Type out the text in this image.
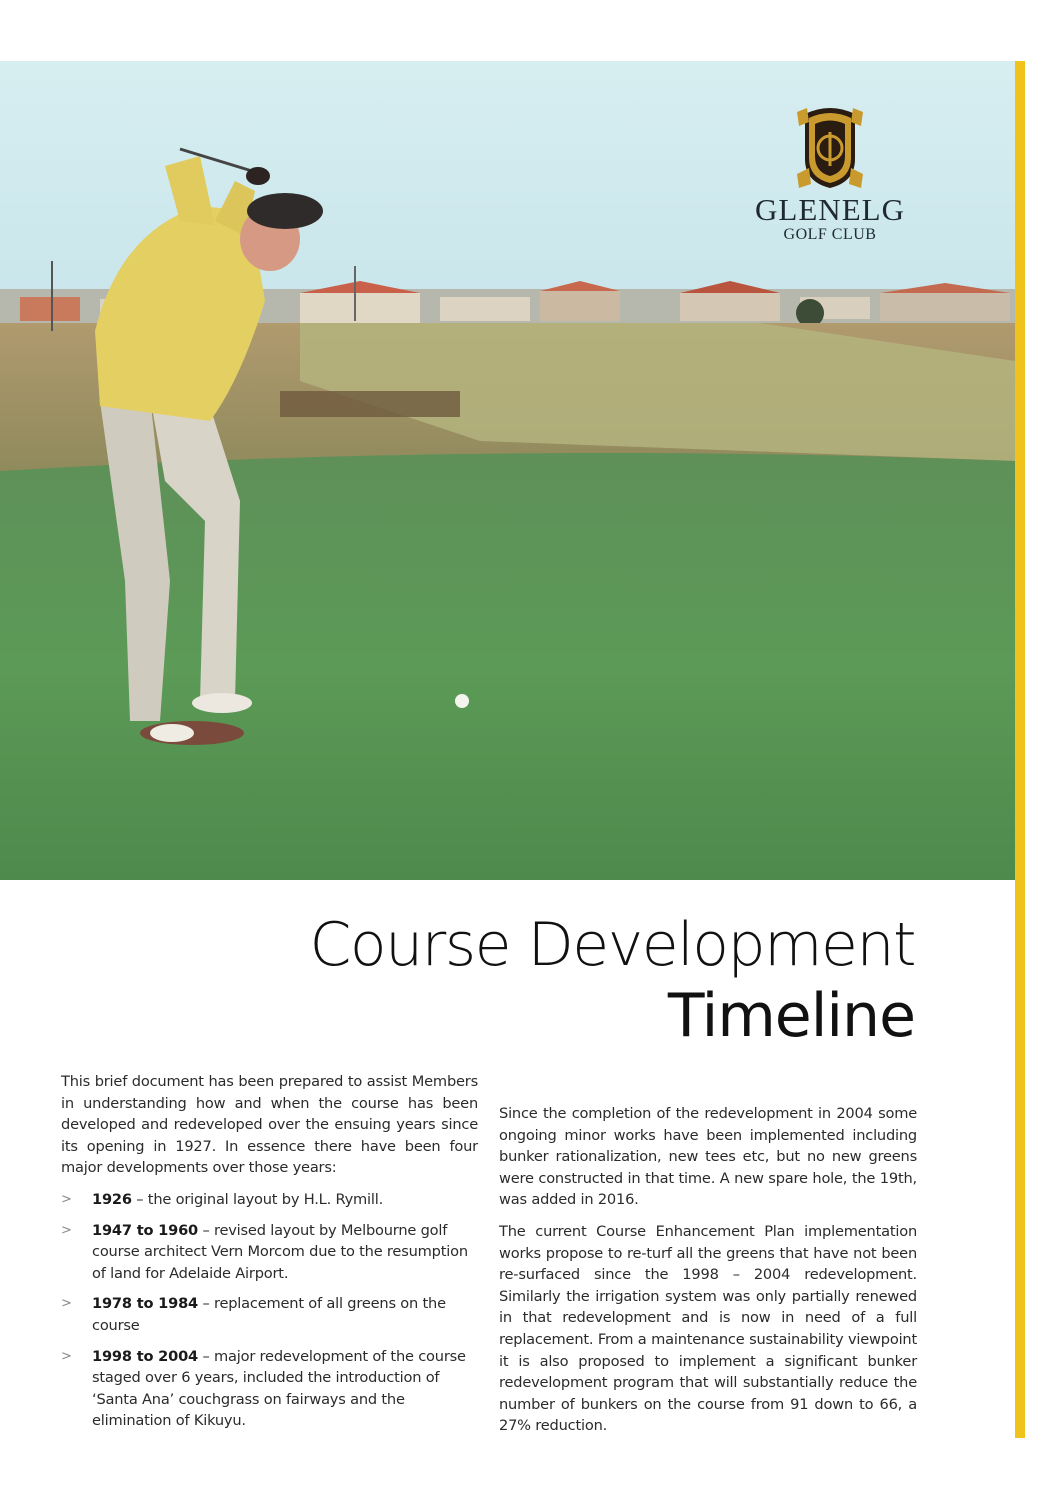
GLENELG
GOLF CLUB
Course Development
Timeline

This brief document has been prepared to assist Members in understanding how and when the course has been developed and redeveloped over the ensuing years since its opening in 1927. In essence there have been four major developments over those years:

> 1926 – the original layout by H.L. Rymill.
> 1947 to 1960 – revised layout by Melbourne golf course architect Vern Morcom due to the resumption of land for Adelaide Airport.
> 1978 to 1984 – replacement of all greens on the course
> 1998 to 2004 – major redevelopment of the course staged over 6 years, included the introduction of ‘Santa Ana’ couchgrass on fairways and the elimination of Kikuyu.

Since the completion of the redevelopment in 2004 some ongoing minor works have been implemented including bunker rationalization, new tees etc, but no new greens were constructed in that time. A new spare hole, the 19th, was added in 2016.

The current Course Enhancement Plan implementation works propose to re-turf all the greens that have not been re-surfaced since the 1998 – 2004 redevelopment. Similarly the irrigation system was only partially renewed in that redevelopment and is now in need of a full replacement. From a maintenance sustainability viewpoint it is also proposed to implement a significant bunker redevelopment program that will substantially reduce the number of bunkers on the course from 91 down to 66, a 27% reduction.
